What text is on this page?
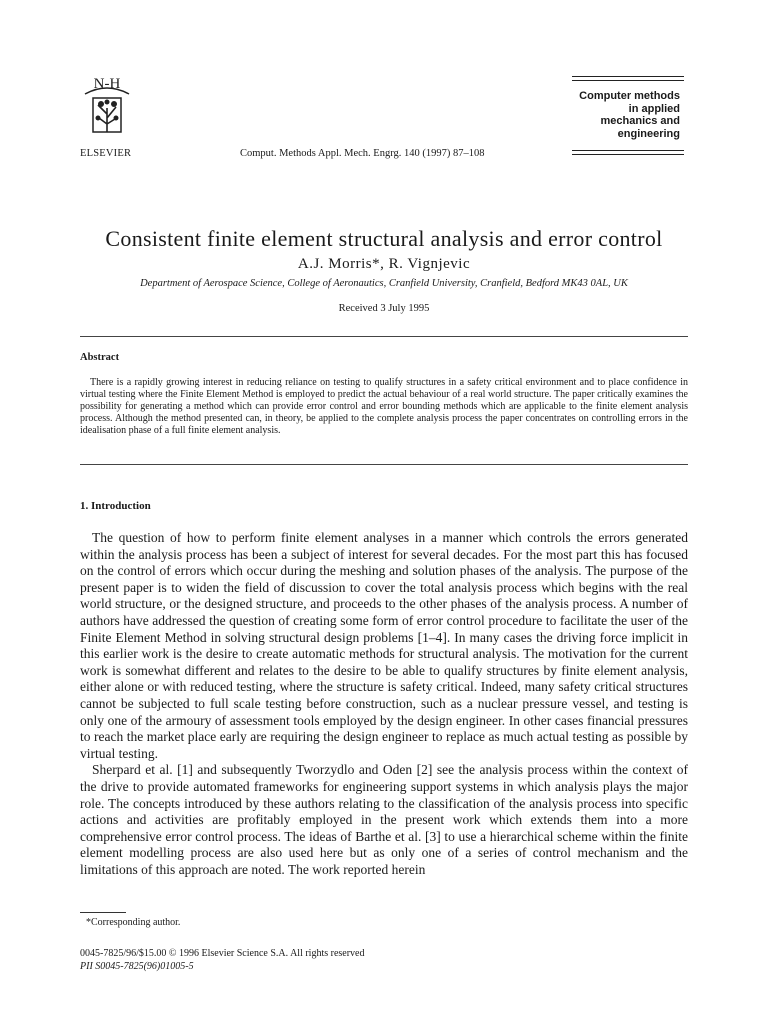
N-H
ELSEVIER	Comput. Methods Appl. Mech. Engrg. 140 (1997) 87–108
Computer methods
in applied
mechanics and
engineering
Consistent finite element structural analysis and error control
A.J. Morris*, R. Vignjevic
Department of Aerospace Science, College of Aeronautics, Cranfield University, Cranfield, Bedford MK43 0AL, UK
Received 3 July 1995
Abstract
There is a rapidly growing interest in reducing reliance on testing to qualify structures in a safety critical environment and to place confidence in virtual testing where the Finite Element Method is employed to predict the actual behaviour of a real world structure. The paper critically examines the possibility for generating a method which can provide error control and error bounding methods which are applicable to the finite element analysis process. Although the method presented can, in theory, be applied to the complete analysis process the paper concentrates on controlling errors in the idealisation phase of a full finite element analysis.
1. Introduction

The question of how to perform finite element analyses in a manner which controls the errors generated within the analysis process has been a subject of interest for several decades. For the most part this has focused on the control of errors which occur during the meshing and solution phases of the analysis. The purpose of the present paper is to widen the field of discussion to cover the total analysis process which begins with the real world structure, or the designed structure, and proceeds to the other phases of the analysis process. A number of authors have addressed the question of creating some form of error control procedure to facilitate the user of the Finite Element Method in solving structural design problems [1–4]. In many cases the driving force implicit in this earlier work is the desire to create automatic methods for structural analysis. The motivation for the current work is somewhat different and relates to the desire to be able to qualify structures by finite element analysis, either alone or with reduced testing, where the structure is safety critical. Indeed, many safety critical structures cannot be subjected to full scale testing before construction, such as a nuclear pressure vessel, and testing is only one of the armoury of assessment tools employed by the design engineer. In other cases financial pressures to reach the market place early are requiring the design engineer to replace as much actual testing as possible by virtual testing.

Sherpard et al. [1] and subsequently Tworzydlo and Oden [2] see the analysis process within the context of the drive to provide automated frameworks for engineering support systems in which analysis plays the major role. The concepts introduced by these authors relating to the classification of the analysis process into specific actions and activities are profitably employed in the present work which extends them into a more comprehensive error control process. The ideas of Barthe et al. [3] to use a hierarchical scheme within the finite element modelling process are also used here but as only one of a series of control mechanism and the limitations of this approach are noted. The work reported herein

*Corresponding author.
0045-7825/96/$15.00 © 1996 Elsevier Science S.A. All rights reserved
PII S0045-7825(96)01005-5
